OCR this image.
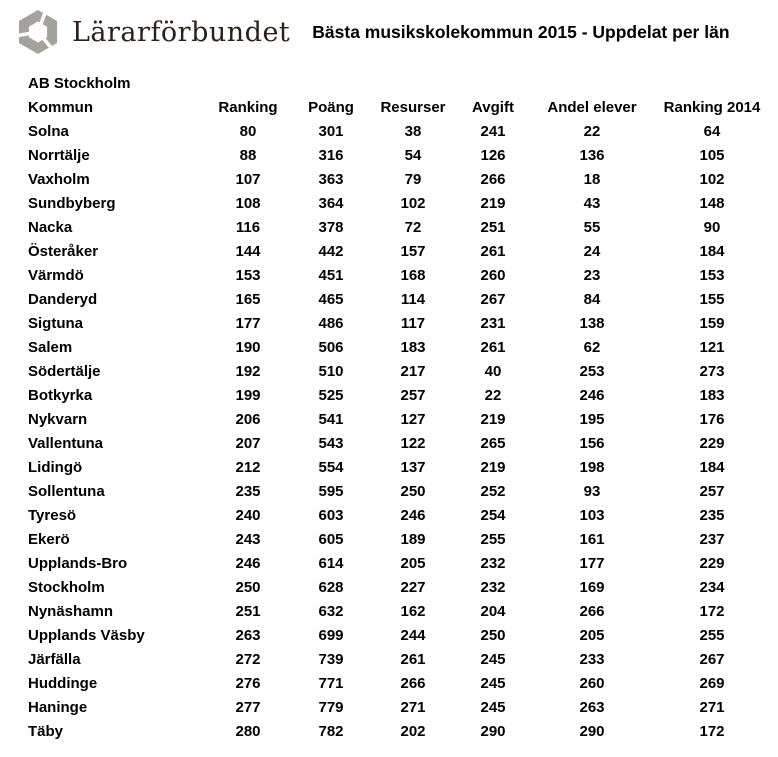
Lärarförbundet Bästa musikskolekommun 2015 - Uppdelat per län
AB Stockholm
Kommun	Ranking	Poäng	Resurser	Avgift	Andel elever	Ranking 2014
Solna	80	301	38	241	22	64
Norrtälje	88	316	54	126	136	105
Vaxholm	107	363	79	266	18	102
Sundbyberg	108	364	102	219	43	148
Nacka	116	378	72	251	55	90
Österåker	144	442	157	261	24	184
Värmdö	153	451	168	260	23	153
Danderyd	165	465	114	267	84	155
Sigtuna	177	486	117	231	138	159
Salem	190	506	183	261	62	121
Södertälje	192	510	217	40	253	273
Botkyrka	199	525	257	22	246	183
Nykvarn	206	541	127	219	195	176
Vallentuna	207	543	122	265	156	229
Lidingö	212	554	137	219	198	184
Sollentuna	235	595	250	252	93	257
Tyresö	240	603	246	254	103	235
Ekerö	243	605	189	255	161	237
Upplands-Bro	246	614	205	232	177	229
Stockholm	250	628	227	232	169	234
Nynäshamn	251	632	162	204	266	172
Upplands Väsby	263	699	244	250	205	255
Järfälla	272	739	261	245	233	267
Huddinge	276	771	266	245	260	269
Haninge	277	779	271	245	263	271
Täby	280	782	202	290	290	172
